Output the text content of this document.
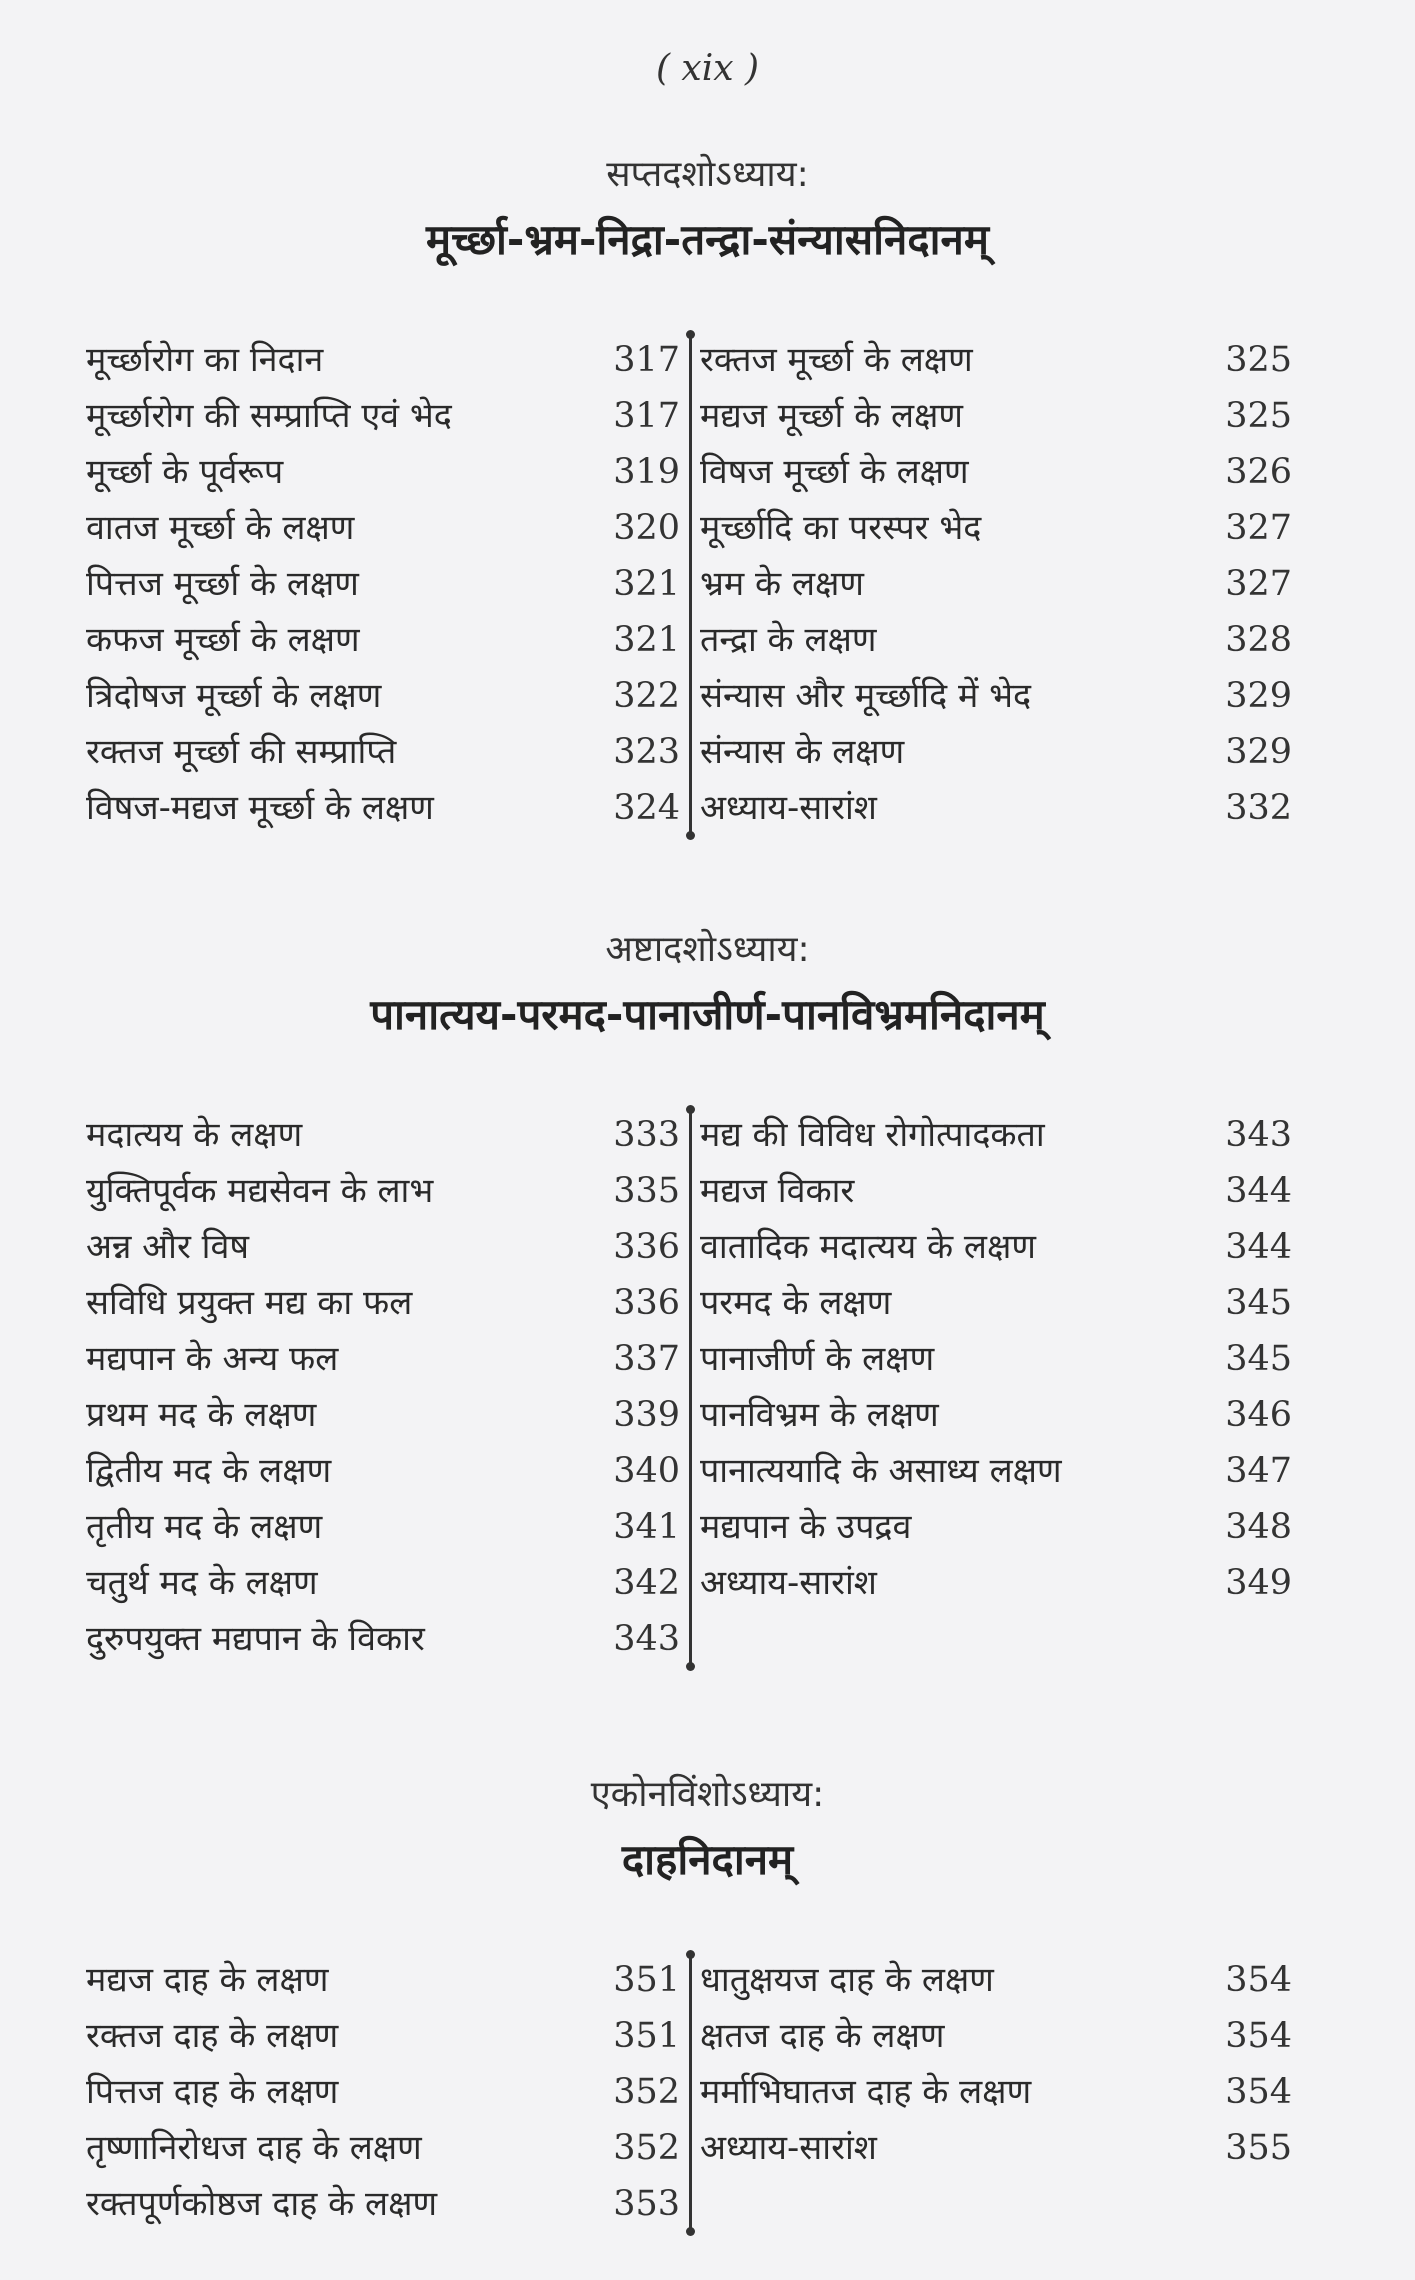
( xix )
सप्तदशोऽध्याय:
मूर्च्छा-भ्रम-निद्रा-तन्द्रा-संन्यासनिदानम्
मूर्च्छारोग का निदान	317
मूर्च्छारोग की सम्प्राप्ति एवं भेद	317
मूर्च्छा के पूर्वरूप	319
वातज मूर्च्छा के लक्षण	320
पित्तज मूर्च्छा के लक्षण	321
कफज मूर्च्छा के लक्षण	321
त्रिदोषज मूर्च्छा के लक्षण	322
रक्तज मूर्च्छा की सम्प्राप्ति	323
विषज-मद्यज मूर्च्छा के लक्षण	324
रक्तज मूर्च्छा के लक्षण	325
मद्यज मूर्च्छा के लक्षण	325
विषज मूर्च्छा के लक्षण	326
मूर्च्छादि का परस्पर भेद	327
भ्रम के लक्षण	327
तन्द्रा के लक्षण	328
संन्यास और मूर्च्छादि में भेद	329
संन्यास के लक्षण	329
अध्याय-सारांश	332
अष्टादशोऽध्याय:
पानात्यय-परमद-पानाजीर्ण-पानविभ्रमनिदानम्
मदात्यय के लक्षण	333
युक्तिपूर्वक मद्यसेवन के लाभ	335
अन्न और विष	336
सविधि प्रयुक्त मद्य का फल	336
मद्यपान के अन्य फल	337
प्रथम मद के लक्षण	339
द्वितीय मद के लक्षण	340
तृतीय मद के लक्षण	341
चतुर्थ मद के लक्षण	342
दुरुपयुक्त मद्यपान के विकार	343
मद्य की विविध रोगोत्पादकता	343
मद्यज विकार	344
वातादिक मदात्यय के लक्षण	344
परमद के लक्षण	345
पानाजीर्ण के लक्षण	345
पानविभ्रम के लक्षण	346
पानात्ययादि के असाध्य लक्षण	347
मद्यपान के उपद्रव	348
अध्याय-सारांश	349
एकोनविंशोऽध्याय:
दाहनिदानम्
मद्यज दाह के लक्षण	351
रक्तज दाह के लक्षण	351
पित्तज दाह के लक्षण	352
तृष्णानिरोधज दाह के लक्षण	352
रक्तपूर्णकोष्ठज दाह के लक्षण	353
धातुक्षयज दाह के लक्षण	354
क्षतज दाह के लक्षण	354
मर्माभिघातज दाह के लक्षण	354
अध्याय-सारांश	355
